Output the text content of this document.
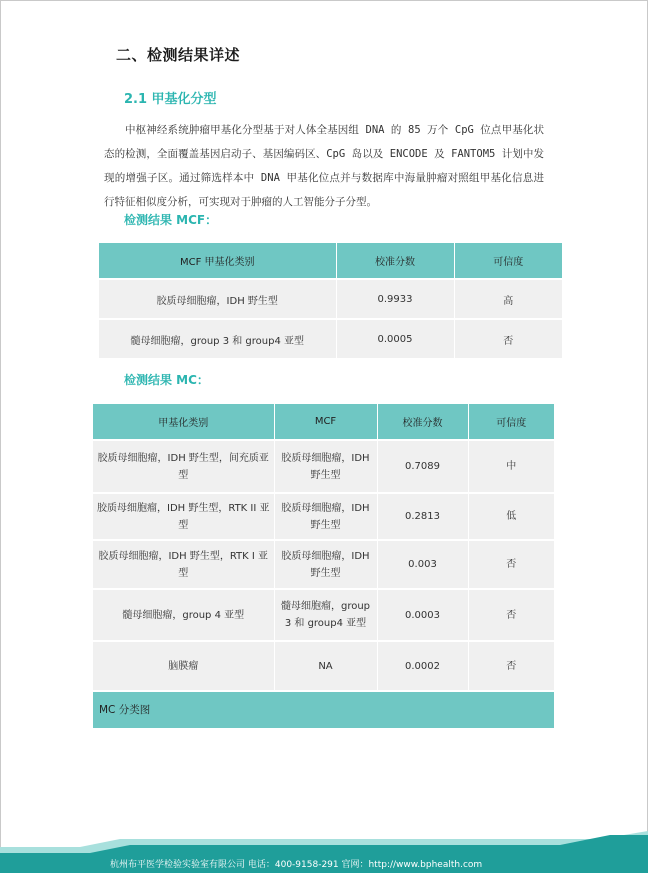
二、检测结果详述
2.1 甲基化分型
中枢神经系统肿瘤甲基化分型基于对人体全基因组 DNA 的 85 万个 CpG 位点甲基化状态的检测，全面覆盖基因启动子、基因编码区、CpG 岛以及 ENCODE 及 FANTOM5 计划中发现的增强子区。通过筛选样本中 DNA 甲基化位点并与数据库中海量肿瘤对照组甲基化信息进行特征相似度分析，可实现对于肿瘤的人工智能分子分型。
检测结果 MCF：
MCF 甲基化类别	校准分数	可信度
胶质母细胞瘤，IDH 野生型	0.9933	高
髓母细胞瘤，group 3 和 group4 亚型	0.0005	否
检测结果 MC：
甲基化类别	MCF	校准分数	可信度
胶质母细胞瘤，IDH 野生型，间充质亚型	胶质母细胞瘤，IDH 野生型	0.7089	中
胶质母细胞瘤，IDH 野生型，RTK II 亚型	胶质母细胞瘤，IDH 野生型	0.2813	低
胶质母细胞瘤，IDH 野生型，RTK I 亚型	胶质母细胞瘤，IDH 野生型	0.003	否
髓母细胞瘤，group 4 亚型	髓母细胞瘤，group 3 和 group4 亚型	0.0003	否
脑膜瘤	NA	0.0002	否
MC 分类图			
杭州布平医学检验实验室有限公司 电话：400-9158-291 官网：http://www.bphealth.com
